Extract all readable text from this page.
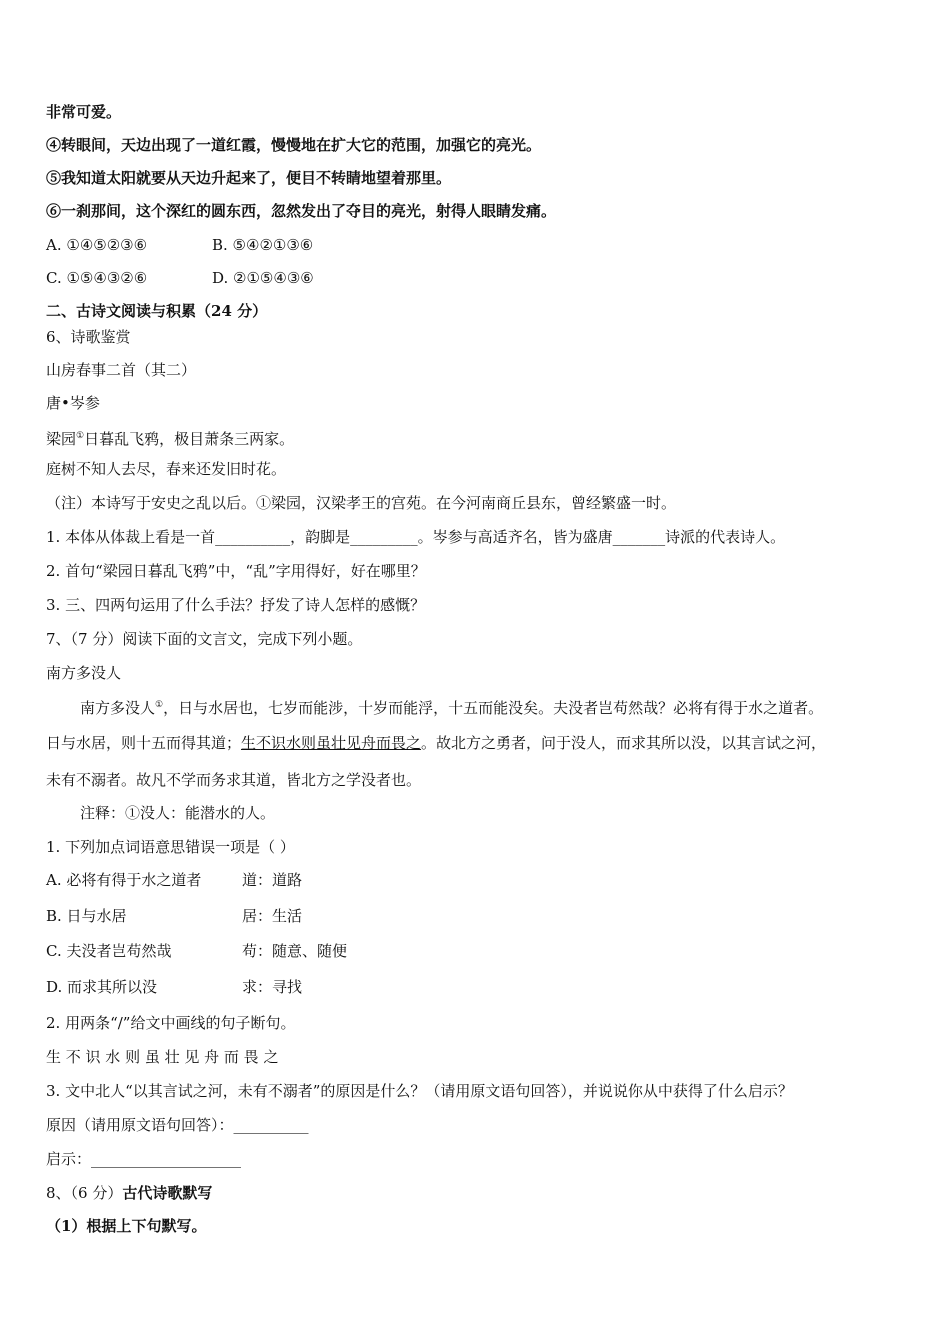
非常可爱。
④转眼间，天边出现了一道红霞，慢慢地在扩大它的范围，加强它的亮光。
⑤我知道太阳就要从天边升起来了，便目不转睛地望着那里。
⑥一刹那间，这个深红的圆东西，忽然发出了夺目的亮光，射得人眼睛发痛。
A. ①④⑤②③⑥	B. ⑤④②①③⑥
C. ①⑤④③②⑥	D. ②①⑤④③⑥
二、古诗文阅读与积累（24 分）
6、诗歌鉴赏
山房春事二首（其二）
唐•岑参
梁园①日暮乱飞鸦，极目萧条三两家。
庭树不知人去尽，春来还发旧时花。
（注）本诗写于安史之乱以后。①梁园，汉梁孝王的宫苑。在今河南商丘县东，曾经繁盛一时。
1. 本体从体裁上看是一首__________，韵脚是_________。岑参与高适齐名，皆为盛唐_______诗派的代表诗人。
2. 首句“梁园日暮乱飞鸦”中，“乱”字用得好，好在哪里？
3. 三、四两句运用了什么手法？抒发了诗人怎样的感慨？
7、（7 分）阅读下面的文言文，完成下列小题。
南方多没人
南方多没人①，日与水居也，七岁而能涉，十岁而能浮，十五而能没矣。夫没者岂苟然哉？必将有得于水之道者。
日与水居，则十五而得其道；生不识水则虽壮见舟而畏之。故北方之勇者，问于没人，而求其所以没，以其言试之河，
未有不溺者。故凡不学而务求其道，皆北方之学没者也。
注释：①没人：能潜水的人。
1. 下列加点词语意思错误一项是（ ）
A. 必将有得于水之道者	道：道路
B. 日与水居	居：生活
C. 夫没者岂苟然哉	苟：随意、随便
D. 而求其所以没	求：寻找
2. 用两条“/”给文中画线的句子断句。
生 不 识 水 则 虽 壮 见 舟 而 畏 之
3. 文中北人“以其言试之河，未有不溺者”的原因是什么？（请用原文语句回答），并说说你从中获得了什么启示？
原因（请用原文语句回答）：__________
启示：____________________
8、（6 分）古代诗歌默写
（1）根据上下句默写。
